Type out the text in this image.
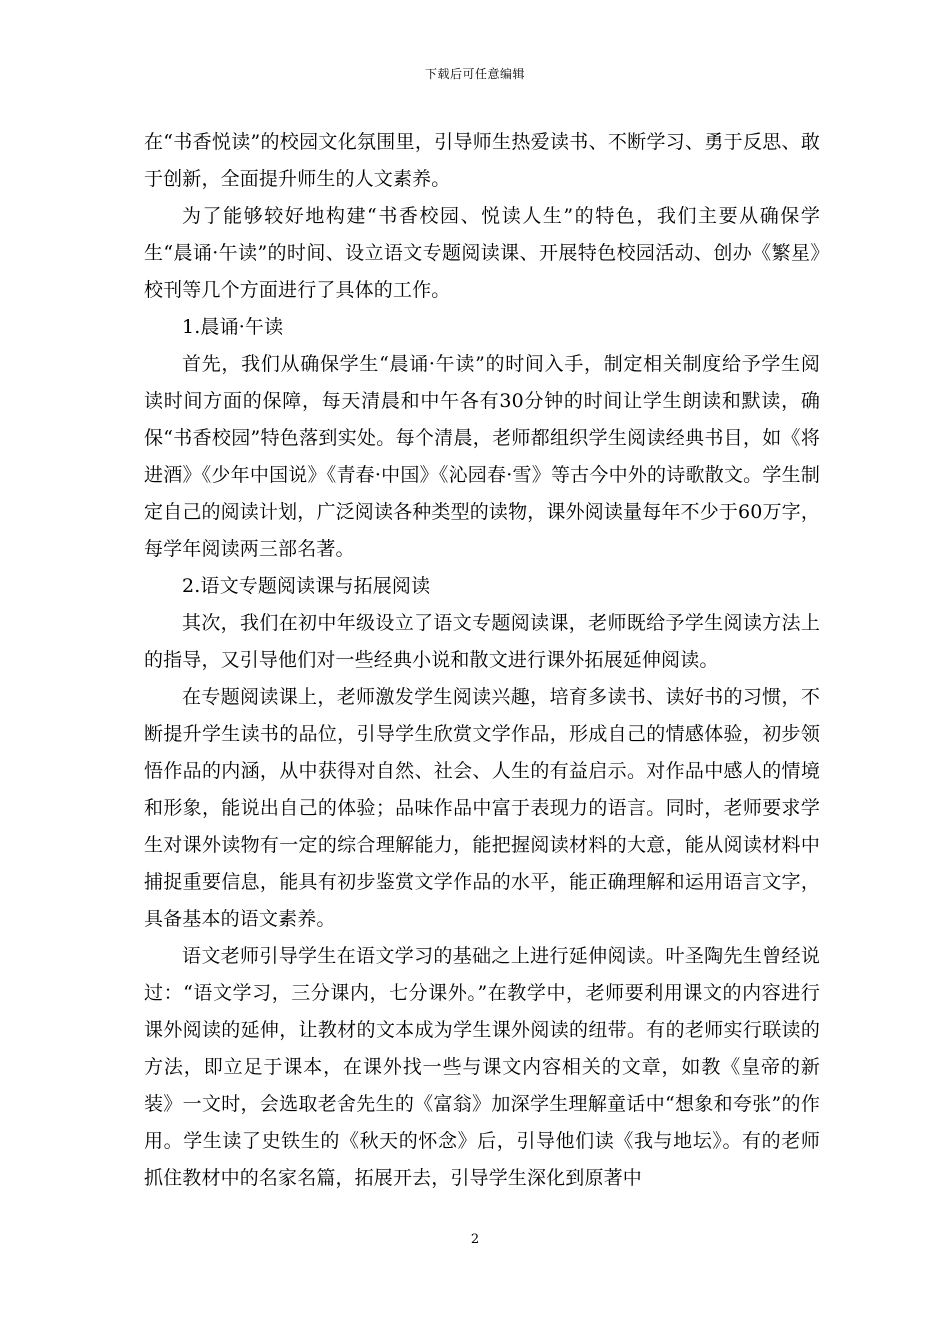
下载后可任意编辑

在“书香悦读”的校园文化氛围里，引导师生热爱读书、不断学习、勇于反思、敢于创新，全面提升师生的人文素养。

为了能够较好地构建“书香校园、悦读人生”的特色，我们主要从确保学生“晨诵·午读”的时间、设立语文专题阅读课、开展特色校园活动、创办《繁星》校刊等几个方面进行了具体的工作。

1.晨诵·午读

首先，我们从确保学生“晨诵·午读”的时间入手，制定相关制度给予学生阅读时间方面的保障，每天清晨和中午各有30分钟的时间让学生朗读和默读，确保“书香校园”特色落到实处。每个清晨，老师都组织学生阅读经典书目，如《将进酒》《少年中国说》《青春·中国》《沁园春·雪》等古今中外的诗歌散文。学生制定自己的阅读计划，广泛阅读各种类型的读物，课外阅读量每年不少于60万字，每学年阅读两三部名著。

2.语文专题阅读课与拓展阅读

其次，我们在初中年级设立了语文专题阅读课，老师既给予学生阅读方法上的指导，又引导他们对一些经典小说和散文进行课外拓展延伸阅读。

在专题阅读课上，老师激发学生阅读兴趣，培育多读书、读好书的习惯，不断提升学生读书的品位，引导学生欣赏文学作品，形成自己的情感体验，初步领悟作品的内涵，从中获得对自然、社会、人生的有益启示。对作品中感人的情境和形象，能说出自己的体验；品味作品中富于表现力的语言。同时，老师要求学生对课外读物有一定的综合理解能力，能把握阅读材料的大意，能从阅读材料中捕捉重要信息，能具有初步鉴赏文学作品的水平，能正确理解和运用语言文字，具备基本的语文素养。

语文老师引导学生在语文学习的基础之上进行延伸阅读。叶圣陶先生曾经说过：“语文学习，三分课内，七分课外。”在教学中，老师要利用课文的内容进行课外阅读的延伸，让教材的文本成为学生课外阅读的纽带。有的老师实行联读的方法，即立足于课本，在课外找一些与课文内容相关的文章，如教《皇帝的新装》一文时，会选取老舍先生的《富翁》加深学生理解童话中“想象和夸张”的作用。学生读了史铁生的《秋天的怀念》后，引导他们读《我与地坛》。有的老师抓住教材中的名家名篇，拓展开去，引导学生深化到原著中

2
